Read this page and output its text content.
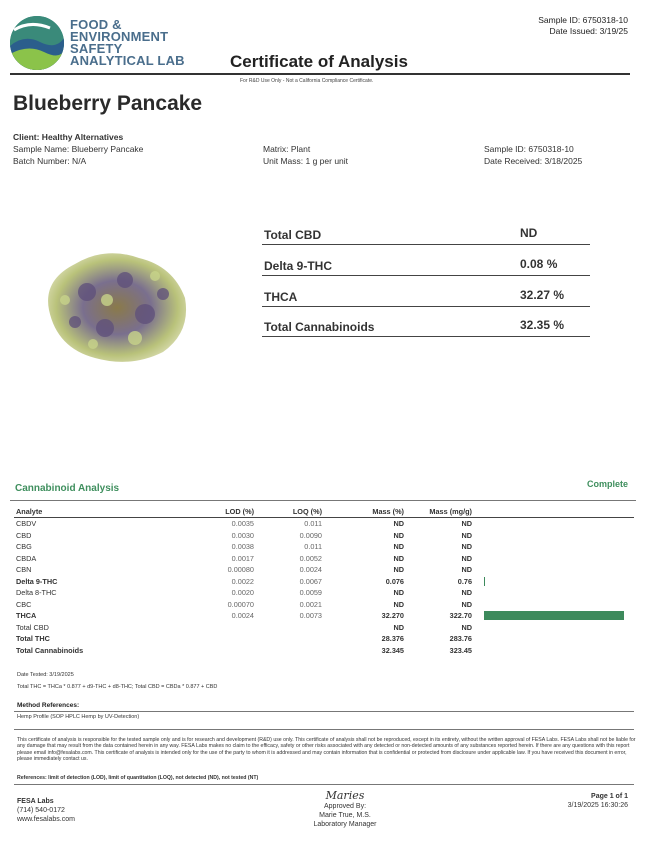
FOOD &
ENVIRONMENT
SAFETY
ANALYTICAL LAB
Sample ID: 6750318-10
Date Issued: 3/19/25
Certificate of Analysis
For R&D Use Only - Not a California Compliance Certificate.
Blueberry Pancake
Client: Healthy Alternatives
Sample Name: Blueberry Pancake
Batch Number: N/A
Matrix: Plant
Unit Mass: 1 g per unit
Sample ID: 6750318-10
Date Received: 3/18/2025
Total CBD	ND
Delta 9-THC	0.08 %
THCA	32.27 %
Total Cannabinoids	32.35 %
Cannabinoid Analysis	Complete
Analyte	LOD (%)	LOQ (%)	Mass (%)	Mass (mg/g)	
CBDV	0.0035	0.011	ND	ND	
CBD	0.0030	0.0090	ND	ND	
CBG	0.0038	0.011	ND	ND	
CBDA	0.0017	0.0052	ND	ND	
CBN	0.00080	0.0024	ND	ND	
Delta 9-THC	0.0022	0.0067	0.076	0.76	

Delta 8-THC	0.0020	0.0059	ND	ND	
CBC	0.00070	0.0021	ND	ND	
THCA	0.0024	0.0073	32.270	322.70	

Total CBD			ND	ND	
Total THC			28.376	283.76	
Total Cannabinoids			32.345	323.45	
Date Tested: 3/19/2025
Total THC = THCa * 0.877 + d9-THC + d8-THC; Total CBD = CBDa * 0.877 + CBD
Method References:
Hemp Profile (SOP HPLC Hemp by UV-Detection)
This certificate of analysis is responsible for the tested sample only and is for research and development (R&D) use only. This certificate of analysis shall not be reproduced, except in its entirety, without the written approval of FESA Labs. FESA Labs shall not be liable for any damage that may result from the data contained herein in any way. FESA Labs makes no claim to the efficacy, safety or other risks associated with any detected or non-detected amounts of any substances reported herein. If there are any questions with this report please email info@fesalabs.com. This certificate of analysis is intended only for the use of the party to whom it is addressed and may contain information that is confidential or protected from disclosure under applicable law. If you have received this document in error, please immediately contact us.
References: limit of detection (LOD), limit of quantitation (LOQ), not detected (ND), not tested (NT)
FESA Labs
(714) 540-0172
www.fesalabs.com
Maries
Approved By:
Marie True, M.S.
Laboratory Manager
Page 1 of 1
3/19/2025 16:30:26
